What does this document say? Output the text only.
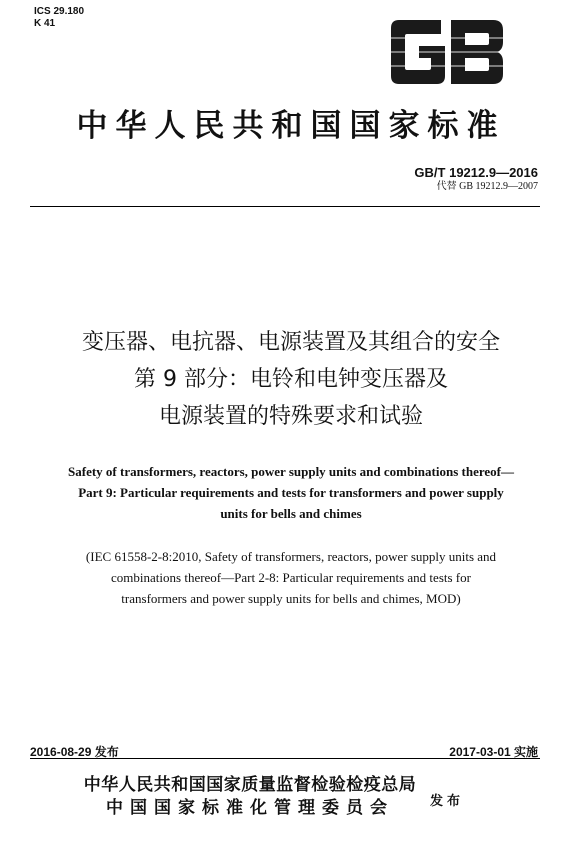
ICS 29.180
K 41
中华人民共和国国家标准
GB/T 19212.9—2016
代替 GB 19212.9—2007
变压器、电抗器、电源装置及其组合的安全
第 9 部分：电铃和电钟变压器及
电源装置的特殊要求和试验
Safety of transformers, reactors, power supply units and combinations thereof—
Part 9: Particular requirements and tests for transformers and power supply
units for bells and chimes
(IEC 61558-2-8:2010, Safety of transformers, reactors, power supply units and
combinations thereof—Part 2-8: Particular requirements and tests for
transformers and power supply units for bells and chimes, MOD)
2016-08-29 发布	2017-03-01 实施
中华人民共和国国家质量监督检验检疫总局
中国国家标准化管理委员会	发布
